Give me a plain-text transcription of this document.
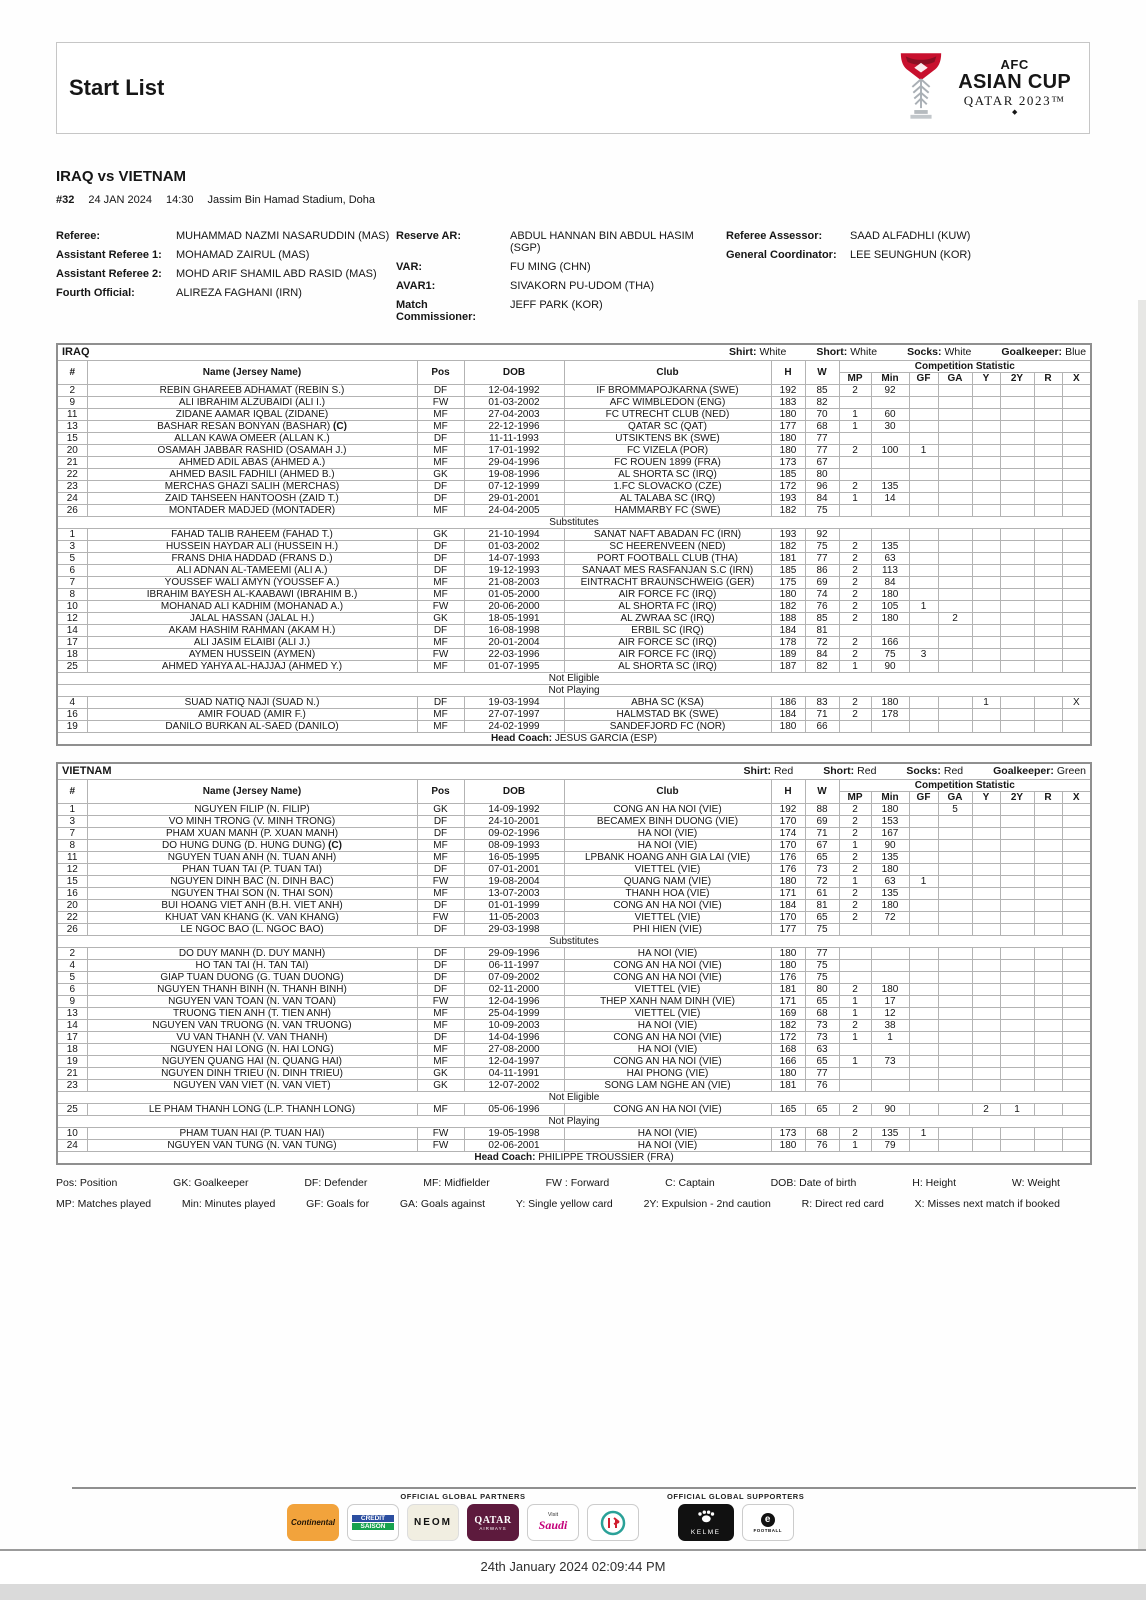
Start List
AFC
ASIAN CUP
QATAR 2023™
◆
IRAQ vs VIETNAM
#32 24 JAN 2024 14:30 Jassim Bin Hamad Stadium, Doha
Referee:	MUHAMMAD NAZMI NASARUDDIN (MAS)
Assistant Referee 1:	MOHAMAD ZAIRUL (MAS)
Assistant Referee 2:	MOHD ARIF SHAMIL ABD RASID (MAS)
Fourth Official:	ALIREZA FAGHANI (IRN)
Reserve AR:	ABDUL HANNAN BIN ABDUL HASIM (SGP)
VAR:	FU MING (CHN)
AVAR1:	SIVAKORN PU-UDOM (THA)
Match Commissioner:
JEFF PARK (KOR)
Referee Assessor:	SAAD ALFADHLI (KUW)
General Coordinator:	LEE SEUNGHUN (KOR)
IRAQ Shirt: White Short: White Socks: White Goalkeeper: Blue														

#	Name (Jersey Name)	Pos	DOB	Club	H	W	Competition Statistic							
							MP	Min	GF	GA	Y	2Y	R	X
2	REBIN GHAREEB ADHAMAT (REBIN S.)	DF	12-04-1992	IF BROMMAPOJKARNA (SWE)	192	85	2	92						
9	ALI IBRAHIM ALZUBAIDI (ALI I.)	FW	01-03-2002	AFC WIMBLEDON (ENG)	183	82								
11	ZIDANE AAMAR IQBAL (ZIDANE)	MF	27-04-2003	FC UTRECHT CLUB (NED)	180	70	1	60						
13	BASHAR RESAN BONYAN (BASHAR) (C)	MF	22-12-1996	QATAR SC (QAT)	177	68	1	30						
15	ALLAN KAWA OMEER (ALLAN K.)	DF	11-11-1993	UTSIKTENS BK (SWE)	180	77								
20	OSAMAH JABBAR RASHID (OSAMAH J.)	MF	17-01-1992	FC VIZELA (POR)	180	77	2	100	1					
21	AHMED ADIL ABAS (AHMED A.)	MF	29-04-1996	FC ROUEN 1899 (FRA)	173	67								
22	AHMED BASIL FADHILI (AHMED B.)	GK	19-08-1996	AL SHORTA SC (IRQ)	185	80								
23	MERCHAS GHAZI SALIH (MERCHAS)	DF	07-12-1999	1.FC SLOVACKO (CZE)	172	96	2	135						
24	ZAID TAHSEEN HANTOOSH (ZAID T.)	DF	29-01-2001	AL TALABA SC (IRQ)	193	84	1	14						
26	MONTADER MADJED (MONTADER)	MF	24-04-2005	HAMMARBY FC (SWE)	182	75								
Substitutes														
1	FAHAD TALIB RAHEEM (FAHAD T.)	GK	21-10-1994	SANAT NAFT ABADAN FC (IRN)	193	92								
3	HUSSEIN HAYDAR ALI (HUSSEIN H.)	DF	01-03-2002	SC HEERENVEEN (NED)	182	75	2	135						
5	FRANS DHIA HADDAD (FRANS D.)	DF	14-07-1993	PORT FOOTBALL CLUB (THA)	181	77	2	63						
6	ALI ADNAN AL-TAMEEMI (ALI A.)	DF	19-12-1993	SANAAT MES RASFANJAN S.C (IRN)	185	86	2	113						
7	YOUSSEF WALI AMYN (YOUSSEF A.)	MF	21-08-2003	EINTRACHT BRAUNSCHWEIG (GER)	175	69	2	84						
8	IBRAHIM BAYESH AL-KAABAWI (IBRAHIM B.)	MF	01-05-2000	AIR FORCE FC (IRQ)	180	74	2	180						
10	MOHANAD ALI KADHIM (MOHANAD A.)	FW	20-06-2000	AL SHORTA FC (IRQ)	182	76	2	105	1					
12	JALAL HASSAN (JALAL H.)	GK	18-05-1991	AL ZWRAA SC (IRQ)	188	85	2	180		2				
14	AKAM HASHIM RAHMAN (AKAM H.)	DF	16-08-1998	ERBIL SC (IRQ)	184	81								
17	ALI JASIM ELAIBI (ALI J.)	MF	20-01-2004	AIR FORCE SC (IRQ)	178	72	2	166						
18	AYMEN HUSSEIN (AYMEN)	FW	22-03-1996	AIR FORCE FC (IRQ)	189	84	2	75	3					
25	AHMED YAHYA AL-HAJJAJ (AHMED Y.)	MF	01-07-1995	AL SHORTA SC (IRQ)	187	82	1	90						
Not Eligible														
Not Playing														
4	SUAD NATIQ NAJI (SUAD N.)	DF	19-03-1994	ABHA SC (KSA)	186	83	2	180			1			X
16	AMIR FOUAD (AMIR F.)	MF	27-07-1997	HALMSTAD BK (SWE)	184	71	2	178						
19	DANILO BURKAN AL-SAED (DANILO)	MF	24-02-1999	SANDEFJORD FC (NOR)	180	66								
Head Coach: JESUS GARCIA (ESP)														
VIETNAM Shirt: Red Short: Red Socks: Red Goalkeeper: Green														

#	Name (Jersey Name)	Pos	DOB	Club	H	W	Competition Statistic							
							MP	Min	GF	GA	Y	2Y	R	X
1	NGUYEN FILIP (N. FILIP)	GK	14-09-1992	CONG AN HA NOI (VIE)	192	88	2	180		5				
3	VO MINH TRONG (V. MINH TRONG)	DF	24-10-2001	BECAMEX BINH DUONG (VIE)	170	69	2	153						
7	PHAM XUAN MANH (P. XUAN MANH)	DF	09-02-1996	HA NOI (VIE)	174	71	2	167						
8	DO HUNG DUNG (D. HUNG DUNG) (C)	MF	08-09-1993	HA NOI (VIE)	170	67	1	90						
11	NGUYEN TUAN ANH (N. TUAN ANH)	MF	16-05-1995	LPBANK HOANG ANH GIA LAI (VIE)	176	65	2	135						
12	PHAN TUAN TAI (P. TUAN TAI)	DF	07-01-2001	VIETTEL (VIE)	176	73	2	180						
15	NGUYEN DINH BAC (N. DINH BAC)	FW	19-08-2004	QUANG NAM (VIE)	180	72	1	63	1					
16	NGUYEN THAI SON (N. THAI SON)	MF	13-07-2003	THANH HOA (VIE)	171	61	2	135						
20	BUI HOANG VIET ANH (B.H. VIET ANH)	DF	01-01-1999	CONG AN HA NOI (VIE)	184	81	2	180						
22	KHUAT VAN KHANG (K. VAN KHANG)	FW	11-05-2003	VIETTEL (VIE)	170	65	2	72						
26	LE NGOC BAO (L. NGOC BAO)	DF	29-03-1998	PHI HIEN (VIE)	177	75								
Substitutes														
2	DO DUY MANH (D. DUY MANH)	DF	29-09-1996	HA NOI (VIE)	180	77								
4	HO TAN TAI (H. TAN TAI)	DF	06-11-1997	CONG AN HA NOI (VIE)	180	75								
5	GIAP TUAN DUONG (G. TUAN DUONG)	DF	07-09-2002	CONG AN HA NOI (VIE)	176	75								
6	NGUYEN THANH BINH (N. THANH BINH)	DF	02-11-2000	VIETTEL (VIE)	181	80	2	180						
9	NGUYEN VAN TOAN (N. VAN TOAN)	FW	12-04-1996	THEP XANH NAM DINH (VIE)	171	65	1	17						
13	TRUONG TIEN ANH (T. TIEN ANH)	MF	25-04-1999	VIETTEL (VIE)	169	68	1	12						
14	NGUYEN VAN TRUONG (N. VAN TRUONG)	MF	10-09-2003	HA NOI (VIE)	182	73	2	38						
17	VU VAN THANH (V. VAN THANH)	DF	14-04-1996	CONG AN HA NOI (VIE)	172	73	1	1						
18	NGUYEN HAI LONG (N. HAI LONG)	MF	27-08-2000	HA NOI (VIE)	168	63								
19	NGUYEN QUANG HAI (N. QUANG HAI)	MF	12-04-1997	CONG AN HA NOI (VIE)	166	65	1	73						
21	NGUYEN DINH TRIEU (N. DINH TRIEU)	GK	04-11-1991	HAI PHONG (VIE)	180	77								
23	NGUYEN VAN VIET (N. VAN VIET)	GK	12-07-2002	SONG LAM NGHE AN (VIE)	181	76								
Not Eligible														
25	LE PHAM THANH LONG (L.P. THANH LONG)	MF	05-06-1996	CONG AN HA NOI (VIE)	165	65	2	90			2	1		
Not Playing														
10	PHAM TUAN HAI (P. TUAN HAI)	FW	19-05-1998	HA NOI (VIE)	173	68	2	135	1					
24	NGUYEN VAN TUNG (N. VAN TUNG)	FW	02-06-2001	HA NOI (VIE)	180	76	1	79						
Head Coach: PHILIPPE TROUSSIER (FRA)														
Pos: Position	GK: Goalkeeper	DF: Defender	MF: Midfielder	FW : Forward	C: Captain	DOB: Date of birth	H: Height	W: Weight
MP: Matches played	Min: Minutes played	GF: Goals for	GA: Goals against	Y: Single yellow card	2Y: Expulsion - 2nd caution	R: Direct red card	X: Misses next match if booked
OFFICIAL GLOBAL PARTNERS
Continental	CREDIT
SAISON	NEOM QATAR
AIRWAYS
Visit
Saudi
OFFICIAL GLOBAL SUPPORTERS
KELME
e
FOOTBALL
24th January 2024 02:09:44 PM
